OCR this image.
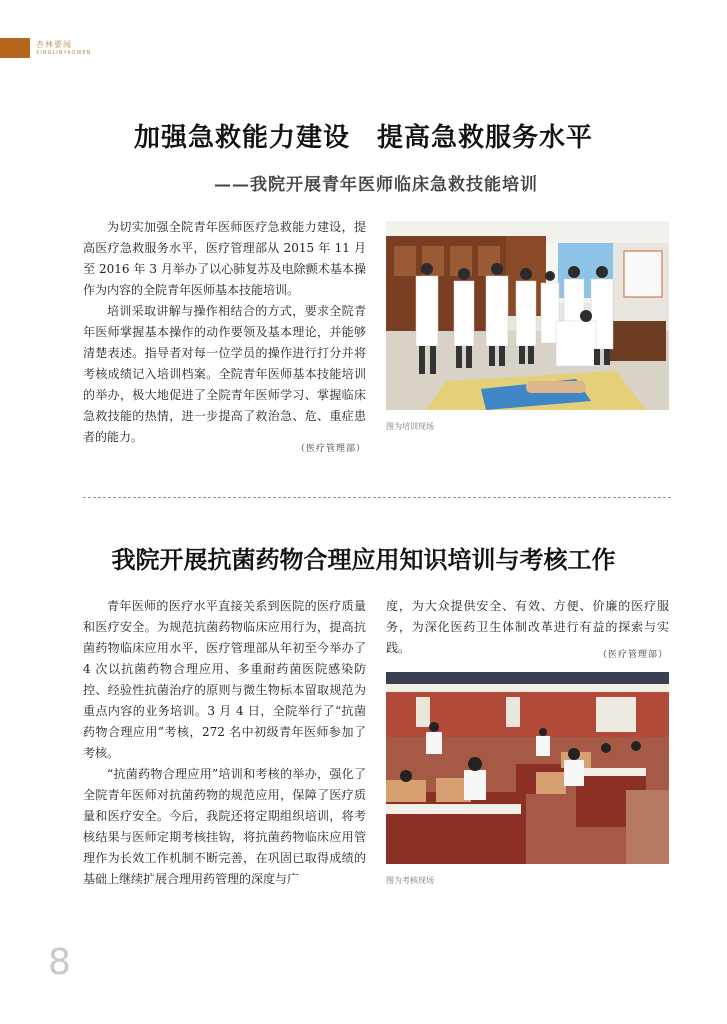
杏林要闻
XINGLINYAOWEN
加强急救能力建设　提高急救服务水平
——我院开展青年医师临床急救技能培训

为切实加强全院青年医师医疗急救能力建设，提高医疗急救服务水平，医疗管理部从 2015 年 11 月至 2016 年 3 月举办了以心肺复苏及电除颤术基本操作为内容的全院青年医师基本技能培训。

培训采取讲解与操作相结合的方式，要求全院青年医师掌握基本操作的动作要领及基本理论，并能够清楚表述。指导者对每一位学员的操作进行打分并将考核成绩记入培训档案。全院青年医师基本技能培训的举办，极大地促进了全院青年医师学习、掌握临床急救技能的热情，进一步提高了救治急、危、重症患者的能力。

（医疗管理部）
图为培训现场
我院开展抗菌药物合理应用知识培训与考核工作

青年医师的医疗水平直接关系到医院的医疗质量和医疗安全。为规范抗菌药物临床应用行为，提高抗菌药物临床应用水平，医疗管理部从年初至今举办了 4 次以抗菌药物合理应用、多重耐药菌医院感染防控、经验性抗菌治疗的原则与微生物标本留取规范为重点内容的业务培训。3 月 4 日，全院举行了“抗菌药物合理应用”考核，272 名中初级青年医师参加了考核。

“抗菌药物合理应用”培训和考核的举办，强化了全院青年医师对抗菌药物的规范应用，保障了医疗质量和医疗安全。今后，我院还将定期组织培训，将考核结果与医师定期考核挂钩，将抗菌药物临床应用管理作为长效工作机制不断完善，在巩固已取得成绩的基础上继续扩展合理用药管理的深度与广

度，为大众提供安全、有效、方便、价廉的医疗服务，为深化医药卫生体制改革进行有益的探索与实践。	（医疗管理部）
图为考核现场
8
